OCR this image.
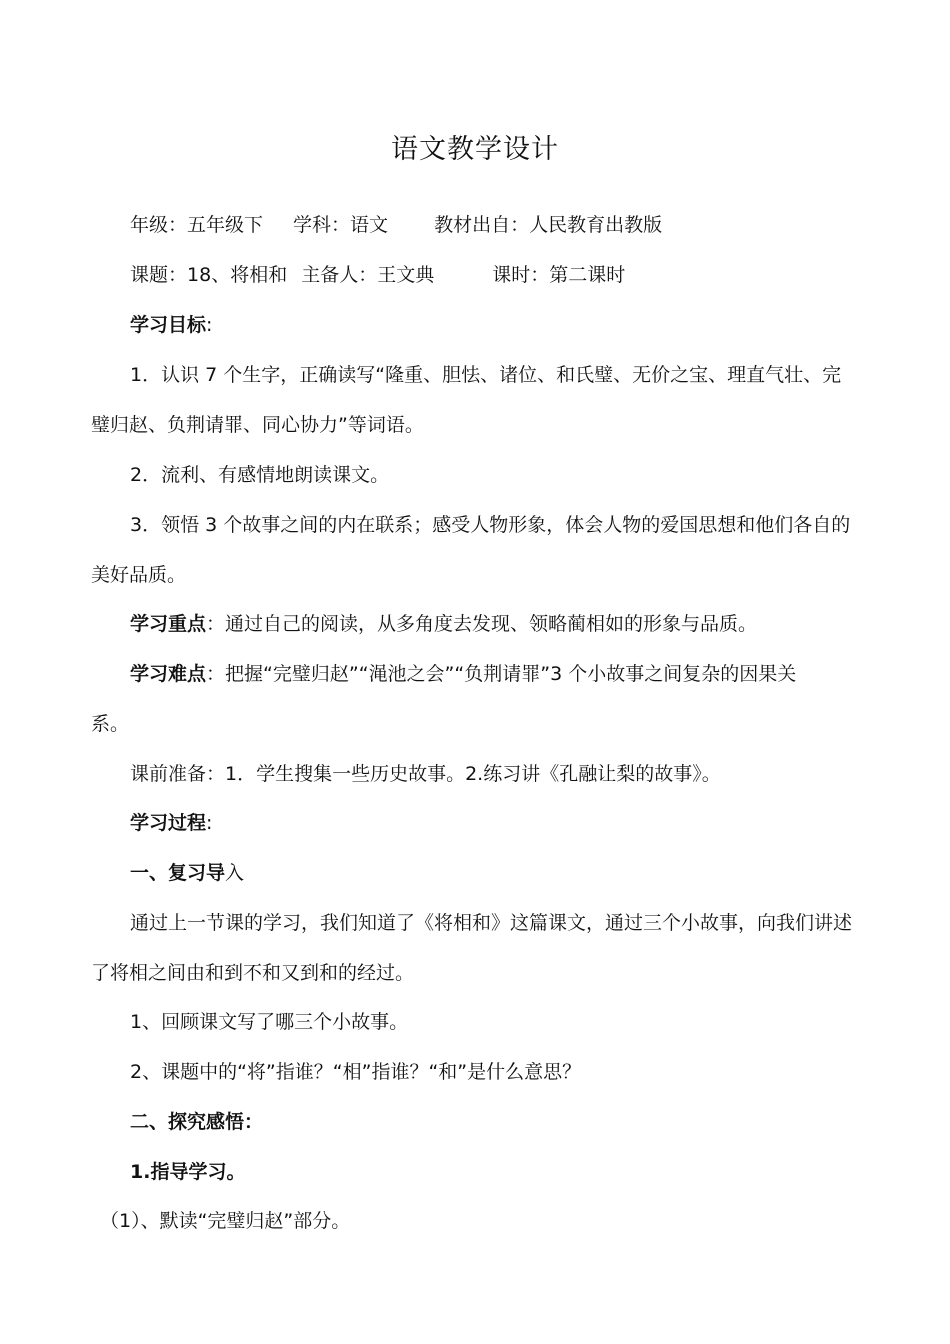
语文教学设计
年级：五年级下 学科：语文 教材出自：人民教育出教版
课题：18、将相和 主备人：王文典	课时：第二课时
学习目标:
1．认识 7 个生字，正确读写“隆重、胆怯、诸位、和氏璧、无价之宝、理直气壮、完
璧归赵、负荆请罪、同心协力”等词语。
2．流利、有感情地朗读课文。
3．领悟 3 个故事之间的内在联系；感受人物形象，体会人物的爱国思想和他们各自的
美好品质。
学习重点：通过自己的阅读，从多角度去发现、领略蔺相如的形象与品质。
学习难点：把握“完璧归赵”“渑池之会”“负荆请罪”3 个小故事之间复杂的因果关
系。
课前准备：1．学生搜集一些历史故事。2.练习讲《孔融让梨的故事》。
学习过程:
一、复习导入
通过上一节课的学习，我们知道了《将相和》这篇课文，通过三个小故事，向我们讲述
了将相之间由和到不和又到和的经过。
1、回顾课文写了哪三个小故事。
2、课题中的“将”指谁？“相”指谁？“和”是什么意思？
二、探究感悟：
1.指导学习。
（1）、默读“完璧归赵”部分。
